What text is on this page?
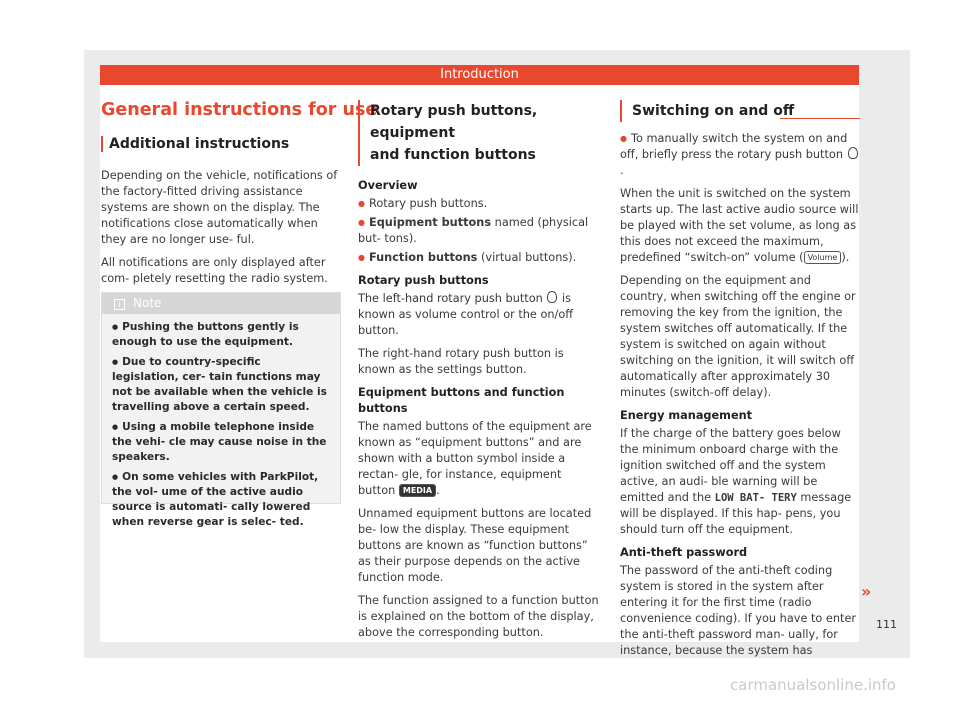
Introduction
General instructions for use
Additional instructions

Depending on the vehicle, notifications of the factory-fitted driving assistance systems are shown on the display. The notifications close automatically when they are no longer use- ful.

All notifications are only displayed after com- pletely resetting the radio system.

i Note

● Pushing the buttons gently is enough to use the equipment.

● Due to country-specific legislation, cer- tain functions may not be available when the vehicle is travelling above a certain speed.

● Using a mobile telephone inside the vehi- cle may cause noise in the speakers.

● On some vehicles with ParkPilot, the vol- ume of the active audio source is automati- cally lowered when reverse gear is selec- ted.

Rotary push buttons, equipment
and function buttons

Overview

● Rotary push buttons.

● Equipment buttons named (physical but- tons).

● Function buttons (virtual buttons).

Rotary push buttons

The left-hand rotary push button  is known as volume control or the on/off button.

The right-hand rotary push button is known as the settings button.

Equipment buttons and function buttons

The named buttons of the equipment are known as “equipment buttons” and are shown with a button symbol inside a rectan- gle, for instance, equipment button MEDIA .

Unnamed equipment buttons are located be- low the display. These equipment buttons are known as “function buttons” as their purpose depends on the active function mode.

The function assigned to a function button is explained on the bottom of the display, above the corresponding button.

Switching on and off

● To manually switch the system on and off, briefly press the rotary push button .

When the unit is switched on the system starts up. The last active audio source will be played with the set volume, as long as this does not exceed the maximum, predefined “switch-on” volume ( Volume ).

Depending on the equipment and country, when switching off the engine or removing the key from the ignition, the system switches off automatically. If the system is switched on again without switching on the ignition, it will switch off automatically after approximately 30 minutes (switch-off delay).

Energy management

If the charge of the battery goes below the minimum onboard charge with the ignition switched off and the system active, an audi- ble warning will be emitted and the LOW BAT- TERY message will be displayed. If this hap- pens, you should turn off the equipment.

Anti-theft password

The password of the anti-theft coding system is stored in the system after entering it for the first time (radio convenience coding). If you have to enter the anti-theft password man- ually, for instance, because the system has

»
111
carmanualsonline.info
